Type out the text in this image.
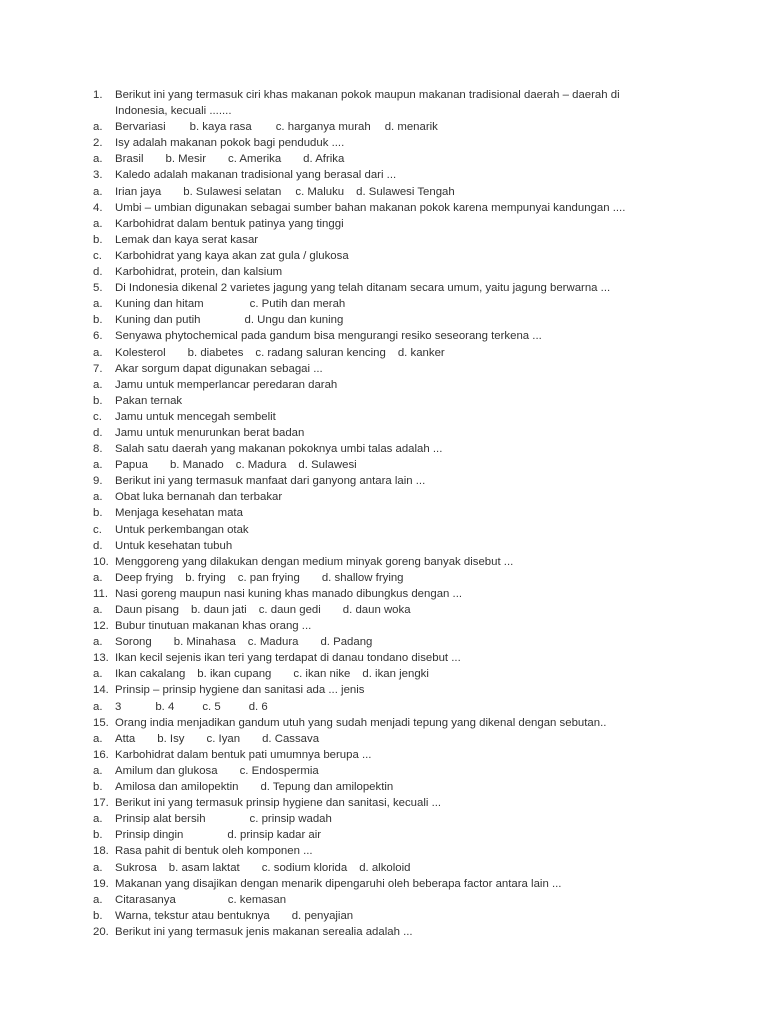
1.	Berikut ini yang termasuk ciri khas makanan pokok maupun makanan tradisional daerah – daerah di Indonesia, kecuali .......
a.	Bervariasi b. kaya rasa c. harganya murah d. menarik
2.	Isy adalah makanan pokok bagi penduduk ....
a.	Brasil b. Mesir c. Amerika d. Afrika
3.	Kaledo adalah makanan tradisional yang berasal dari ...
a.	Irian jaya b. Sulawesi selatan c. Maluku d. Sulawesi Tengah
4.	Umbi – umbian digunakan sebagai sumber bahan makanan pokok karena mempunyai kandungan ....
a.	Karbohidrat dalam bentuk patinya yang tinggi
b.	Lemak dan kaya serat kasar
c.	Karbohidrat yang kaya akan zat gula / glukosa
d.	Karbohidrat, protein, dan kalsium
5.	Di Indonesia dikenal 2 varietes jagung yang telah ditanam secara umum, yaitu jagung berwarna ...
a.	Kuning dan hitam	c. Putih dan merah
b.	Kuning dan putih	d. Ungu dan kuning
6.	Senyawa phytochemical pada gandum bisa mengurangi resiko seseorang terkena ...
a.	Kolesterol b. diabetes c. radang saluran kencing d. kanker
7.	Akar sorgum dapat digunakan sebagai ...
a.	Jamu untuk memperlancar peredaran darah
b.	Pakan ternak
c.	Jamu untuk mencegah sembelit
d.	Jamu untuk menurunkan berat badan
8.	Salah satu daerah yang makanan pokoknya umbi talas adalah ...
a.	Papua b. Manado c. Madura d. Sulawesi
9.	Berikut ini yang termasuk manfaat dari ganyong antara lain ...
a.	Obat luka bernanah dan terbakar
b.	Menjaga kesehatan mata
c.	Untuk perkembangan otak
d.	Untuk kesehatan tubuh
10. Menggoreng yang dilakukan dengan medium minyak goreng banyak disebut ...
a.	Deep frying b. frying c. pan frying d. shallow frying
11. Nasi goreng maupun nasi kuning khas manado dibungkus dengan ...
a.	Daun pisang b. daun jati c. daun gedi d. daun woka
12. Bubur tinutuan makanan khas orang ...
a.	Sorong b. Minahasa c. Madura d. Padang
13. Ikan kecil sejenis ikan teri yang terdapat di danau tondano disebut ...
a.	Ikan cakalang b. ikan cupang c. ikan nike d. ikan jengki
14. Prinsip – prinsip hygiene dan sanitasi ada ... jenis
a.	3	b. 4 c. 5 d. 6
15. Orang india menjadikan gandum utuh yang sudah menjadi tepung yang dikenal dengan sebutan..
a.	Atta b. Isy c. Iyan d. Cassava
16. Karbohidrat dalam bentuk pati umumnya berupa ...
a.	Amilum dan glukosa c. Endospermia
b.	Amilosa dan amilopektin d. Tepung dan amilopektin
17. Berikut ini yang termasuk prinsip hygiene dan sanitasi, kecuali ...
a.	Prinsip alat bersih	c. prinsip wadah
b.	Prinsip dingin	d. prinsip kadar air
18. Rasa pahit di bentuk oleh komponen ...
a.	Sukrosa b. asam laktat c. sodium klorida d. alkoloid
19. Makanan yang disajikan dengan menarik dipengaruhi oleh beberapa factor antara lain ...
a.	Citarasanya	c. kemasan
b.	Warna, tekstur atau bentuknya d. penyajian
20. Berikut ini yang termasuk jenis makanan serealia adalah ...
